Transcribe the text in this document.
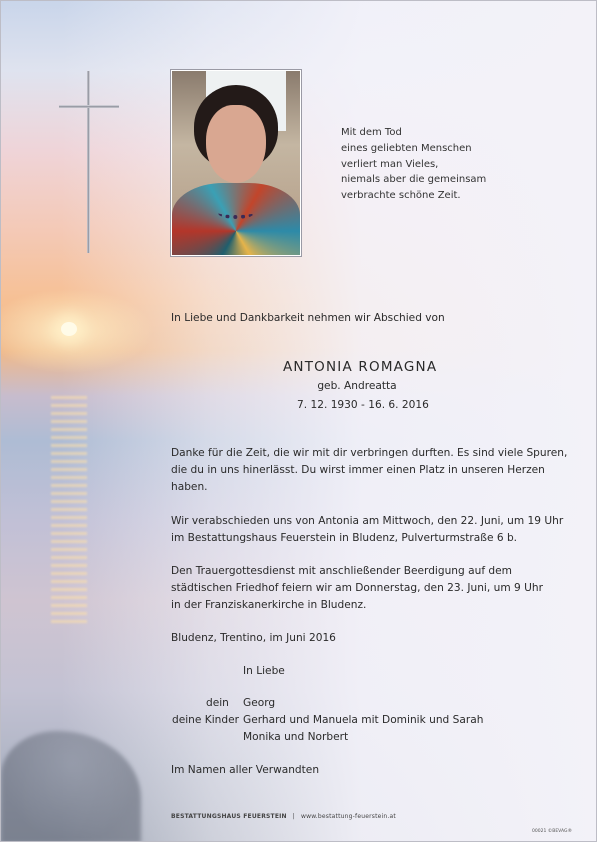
Mit dem Tod
eines geliebten Menschen
verliert man Vieles,
niemals aber die gemeinsam
verbrachte schöne Zeit.
In Liebe und Dankbarkeit nehmen wir Abschied von
ANTONIA ROMAGNA
geb. Andreatta
7. 12. 1930 - 16. 6. 2016
Danke für die Zeit, die wir mit dir verbringen durften. Es sind viele Spuren,
die du in uns hinerlässt. Du wirst immer einen Platz in unseren Herzen
haben.
Wir verabschieden uns von Antonia am Mittwoch, den 22. Juni, um 19 Uhr
im Bestattungshaus Feuerstein in Bludenz, Pulverturmstraße 6 b.
Den Trauergottesdienst mit anschließender Beerdigung auf dem
städtischen Friedhof feiern wir am Donnerstag, den 23. Juni, um 9 Uhr
in der Franziskanerkirche in Bludenz.
Bludenz, Trentino, im Juni 2016
In Liebe
dein
deine Kinder
Georg
Gerhard und Manuela mit Dominik und Sarah
Monika und Norbert
Im Namen aller Verwandten
BESTATTUNGSHAUS FEUERSTEIN | www.bestattung-feuerstein.at
00021 ©BEVAG®
